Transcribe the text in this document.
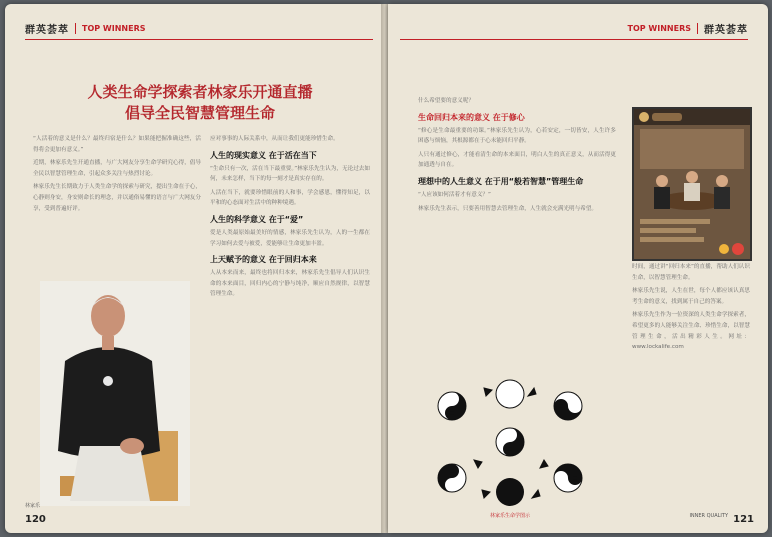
群英荟萃 TOP WINNERS
人类生命学探索者林家乐开通直播
倡导全民智慧管理生命

“人活着的意义是什么？最终归宿是什么？如果能把握准确这些，活得将会更加有意义。”

近期，林家乐先生开通直播，与广大网友分享生命学研究心得，倡导全民以智慧管理生命，引起众多关注与热烈讨论。

林家乐先生长期致力于人类生命学的探索与研究，提出生命在于心，心静则身安，身安则命长的理念，并以通俗易懂的语言与广大网友分享，受到普遍好评。

应对事事的人际关系中，从而让我们更能珍惜生命。

人生的现实意义 在于活在当下

“生命只有一次，活在当下最重要。”林家乐先生认为，无论过去如何，未来怎样，当下的每一刻才是真实存在的。

人活在当下，就要珍惜眼前的人和事，学会感恩，懂得知足，以平和的心态面对生活中的种种境遇。

人生的科学意义 在于“爱”

爱是人类最原始最美好的情感，林家乐先生认为，人的一生都在学习如何去爱与被爱，爱能够让生命更加丰盈。

上天赋予的意义 在于回归本来

人从本来而来，最终也将回归本来，林家乐先生倡导人们认识生命的本来面目，回归内心的宁静与纯净，顺应自然规律，以智慧管理生命。

林家乐
120
TOP WINNERS 群英荟萃

什么希望要的意义呢？

生命回归本来的意义 在于修心

“修心是生命最重要的功课。”林家乐先生认为，心若安定，一切皆安，人生许多困惑与烦恼，其根源都在于心未能回归平静。

人只有通过修心，才能看清生命的本来面目，明白人生的真正意义，从而活得更加通透与自在。

理想中的人生意义 在于用“般若智慧”管理生命

“人应该如何活着才有意义？”

林家乐先生表示，只要善用智慧去管理生命，人生就会充满光明与希望。

时间，通过讲“回归本来”的直播，帮助人们认识生命，以智慧管理生命。

林家乐先生说，人生在世，每个人都应该认真思考生命的意义，找到属于自己的答案。

林家乐先生作为一位资深的人类生命学探索者，希望更多的人能够关注生命、珍惜生命，以智慧管理生命，活出精彩人生。网址：www.lockalife.com

林家乐生命学图示	INNER QUALITY 121
